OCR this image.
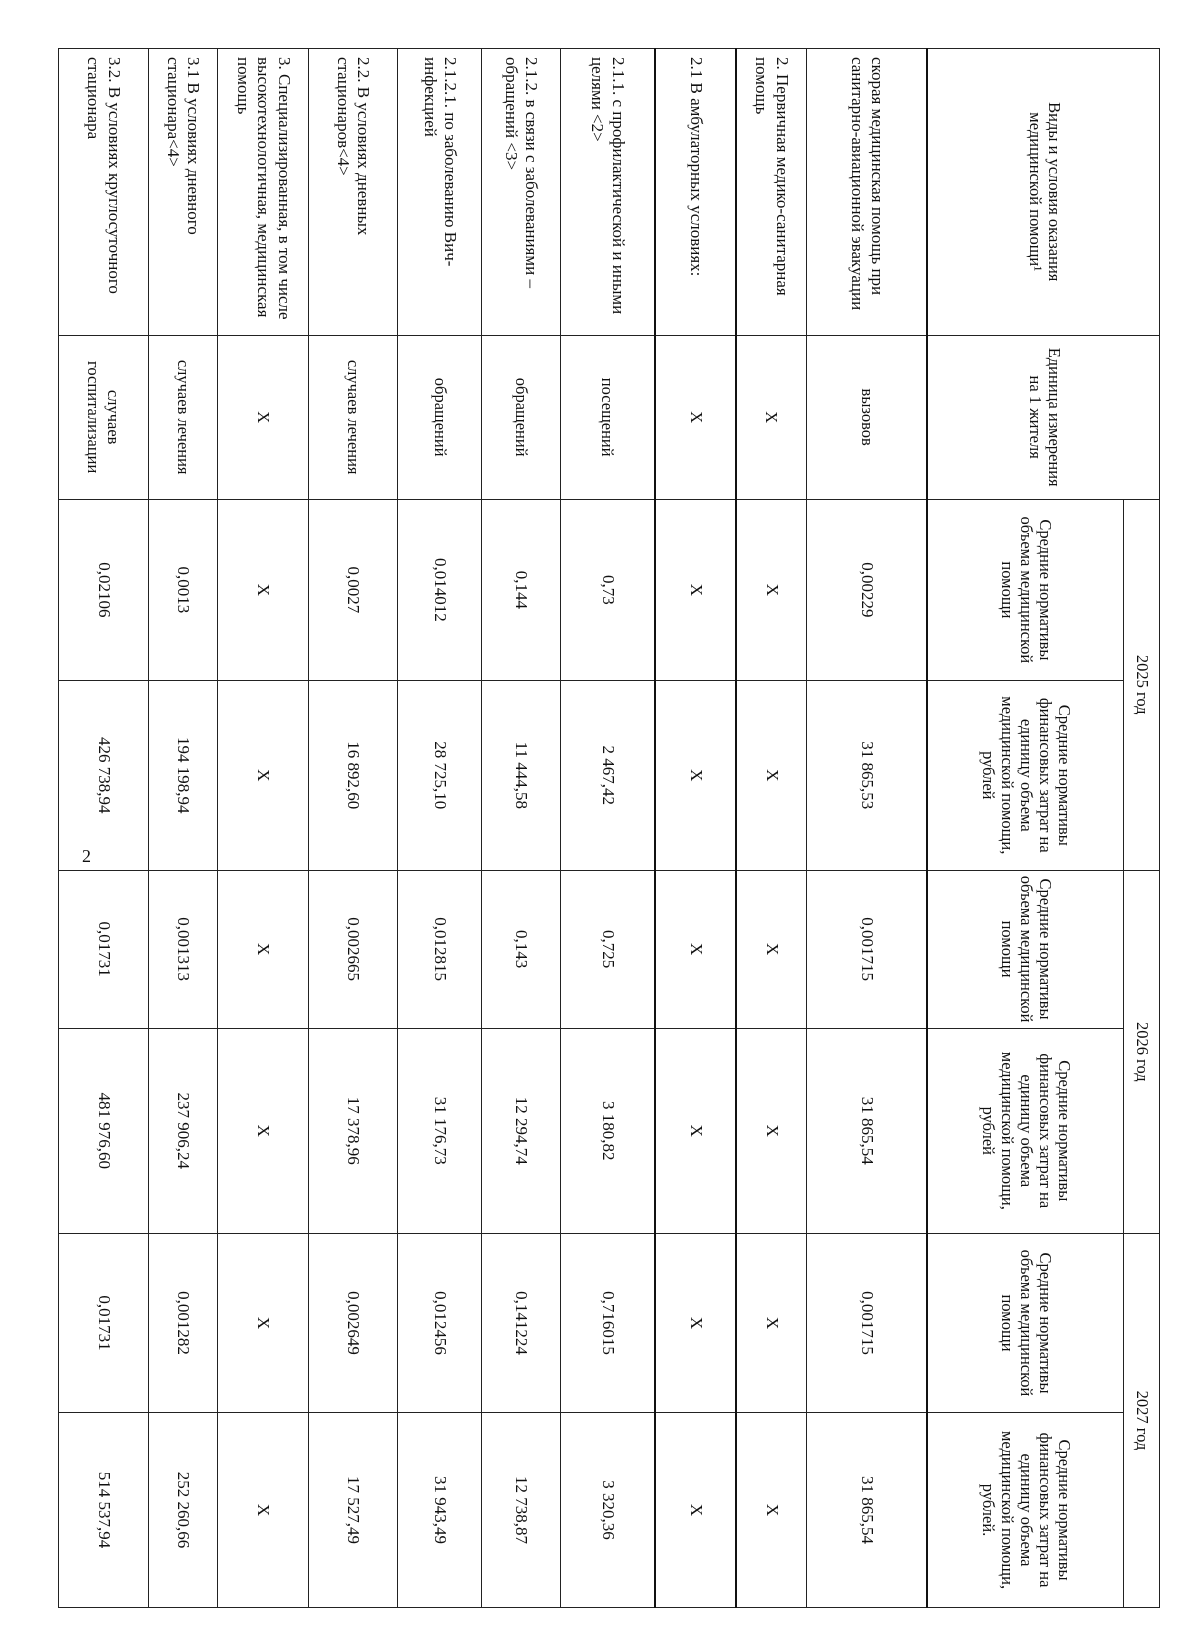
2
Виды и условия оказания медицинской помощи¹	Единица измерения на 1 жителя	2025 год		2026 год		2027 год	
		Средние нормативы объема медицинской помощи	Средние нормативы финансовых затрат на единицу объема медицинской помощи, рублей	Средние нормативы объема медицинской помощи	Средние нормативы финансовых затрат на единицу объема медицинской помощи, рублей	Средние нормативы объема медицинской помощи	Средние нормативы финансовых затрат на единицу объема медицинской помощи, рублей.
скорая медицинская помощь при санитарно-авиационной эвакуации	вызовов	0,00229	31 865,53	0,001715	31 865,54	0,001715	31 865,54
2. Первичная медико-санитарная помощь	Х	Х	Х	Х	Х	Х	Х
2.1 В амбулаторных условиях:	Х	Х	Х	Х	Х	Х	Х
2.1.1. с профилактической и иными целями <2>	посещений	0,73	2 467,42	0,725	3 180,82	0,716015	3 320,36
2.1.2. в связи с заболеваниями – обращений <3>	обращений	0,144	11 444,58	0,143	12 294,74	0,141224	12 738,87
2.1.2.1. по заболеванию Вич-инфекцией	обращений	0,014012	28 725,10	0,012815	31 176,73	0,012456	31 943,49
2.2. В условиях дневных стационаров<4>	случаев лечения	0,0027	16 892,60	0,002665	17 378,96	0,002649	17 527,49
3. Специализированная, в том числе высокотехнологичная, медицинская помощь	Х	Х	Х	Х	Х	Х	Х
3.1 В условиях дневного стационара<4>	случаев лечения	0,0013	194 198,94	0,001313	237 906,24	0,001282	252 260,66
3.2. В условиях круглосуточного стационара	случаев госпитализации	0,02106	426 738,94	0,01731	481 976,60	0,01731	514 537,94
